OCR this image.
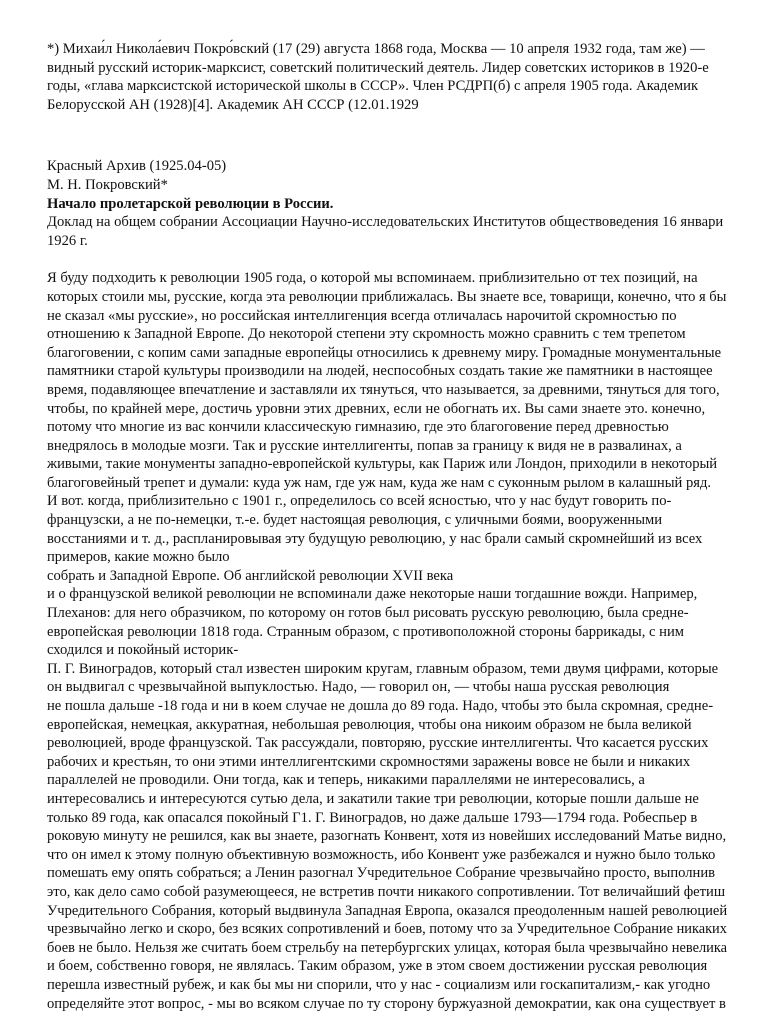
*) Михаи́л Никола́евич Покро́вский (17 (29) августа 1868 года, Москва — 10 апреля 1932 года, там же) —
видный русский историк-марксист, советский политический деятель. Лидер советских историков в 1920-е
годы, «глава марксистской исторической школы в СССР». Член РСДРП(б) с апреля 1905 года. Академик
Белорусской АН (1928)[4]. Академик АН СССР (12.01.1929
Красный Архив (1925.04-05)
М. Н. Покровский*
Начало пролетарской революции в России.
Доклад на общем собрании Ассоциации Научно-исследовательских Институтов обществоведения 16 январи
1926 г.
Я буду подходить к революции 1905 года, о которой мы вспоминаем. приблизительно от тех позиций, на
которых стоили мы, русские, когда эта революции приближалась. Вы знаете все, товарищи, конечно, что я бы
не сказал «мы русские», но российская интеллигенция всегда отличалась нарочитой скромностью по
отношению к Западной Европе. До некоторой степени эту скромность можно сравнить с тем трепетом
благоговении, с копим сами западные европейцы относились к древнему миру. Громадные монументальные
памятники старой культуры производили на людей, неспособных создать такие же памятники в настоящее
время, подавляющее впечатление и заставляли их тянуться, что называется, за древними, тянуться для того,
чтобы, по крайней мере, достичь уровни этих древних, если не обогнать их. Вы сами знаете это. конечно,
потому что многие из вас кончили классическую гимназию, где это благоговение перед древностью
внедрялось в молодые мозги. Так и русские интеллигенты, попав за границу к видя не в развалинах, а
живыми, такие монументы западно-европейской культуры, как Париж или Лондон, приходили в некоторый
благоговейный трепет и думали: куда уж нам, где уж нам, куда же нам с суконным рылом в калашный ряд.
И вот. когда, приблизительно с 1901 г., определилось со всей ясностью, что у нас будут говорить по-
французски, а не по-немецки, т.-е. будет настоящая революция, с уличными боями, вооруженными
восстаниями и т. д., распланировывая эту будущую революцию, у нас брали самый скромнейший из всех
примеров, какие можно было
собрать и Западной Европе. Об английской революции XVII века
и о французской великой революции не вспоминали даже некоторые наши тогдашние вожди. Например,
Плеханов: для него образчиком, по которому он готов был рисовать русскую революцию, была средне-
европейская революции 1818 года. Странным образом, с противоположной стороны баррикады, с ним
сходился и покойный историк-
П. Г. Виноградов, который стал известен широким кругам, главным образом, теми двумя цифрами, которые
он выдвигал с чрезвычайной выпуклостью. Надо, — говорил он, — чтобы наша русская революция
не пошла дальше -18 года и ни в коем случае не дошла до 89 года. Надо, чтобы это была скромная, средне-
европейская, немецкая, аккуратная, небольшая революция, чтобы она никоим образом не была великой
революцией, вроде французской. Так рассуждали, повторяю, русские интеллигенты. Что касается русских
рабочих и крестьян, то они этими интеллигентскими скромностями заражены вовсе не были и никаких
параллелей не проводили. Они тогда, как и теперь, никакими параллелями не интересовались, а
интересовались и интересуются сутью дела, и закатили такие три революции, которые пошли дальше не
только 89 года, как опасался покойный Г1. Г. Виноградов, но даже дальше 1793—1794 года. Робеспьер в
роковую минуту не решился, как вы знаете, разогнать Конвент, хотя из новейших исследований Матье видно,
что он имел к этому полную объективную возможность, ибо Конвент уже разбежался и нужно было только
помешать ему опять собраться; а Ленин разогнал Учредительное Собрание чрезвычайно просто, выполнив
это, как дело само собой разумеющееся, не встретив почти никакого сопротивлении. Тот величайший фетиш
Учредительного Собрания, который выдвинула Западная Европа, оказался преодоленным нашей революцией
чрезвычайно легко и скоро, без всяких сопротивлений и боев, потому что за Учредительное Собрание никаких
боев не было. Нельзя же считать боем стрельбу на петербургских улицах, которая была чрезвычайно невелика
и боем, собственно говоря, не являлась. Таким образом, уже в этом своем достижении русская революция
перешла известный рубеж, и как бы мы ни спорили, что у нас - социализм или госкапитализм,- как угодно
определяйте этот вопрос, - мы во всяком случае по ту сторону буржуазной демократии, как она существует в
